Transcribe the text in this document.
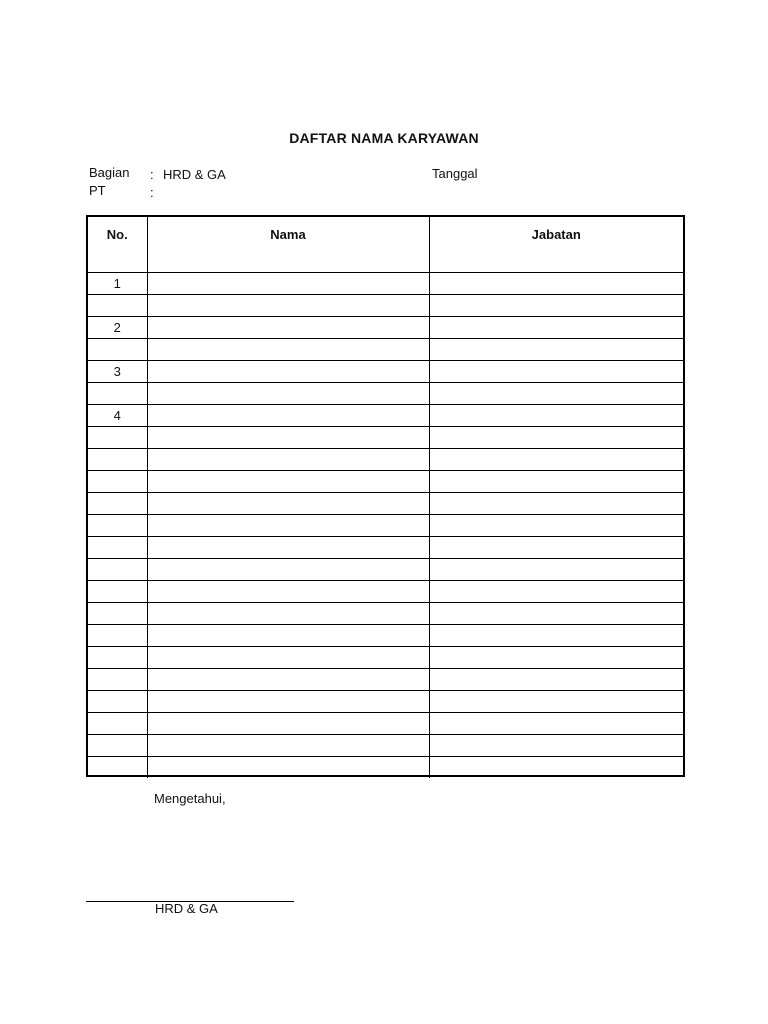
DAFTAR NAMA KARYAWAN
Bagian : HRD & GA
PT	:
Tanggal
No.	Nama	Jabatan

1		

2		

3		

4		

Mengetahui,
HRD & GA
